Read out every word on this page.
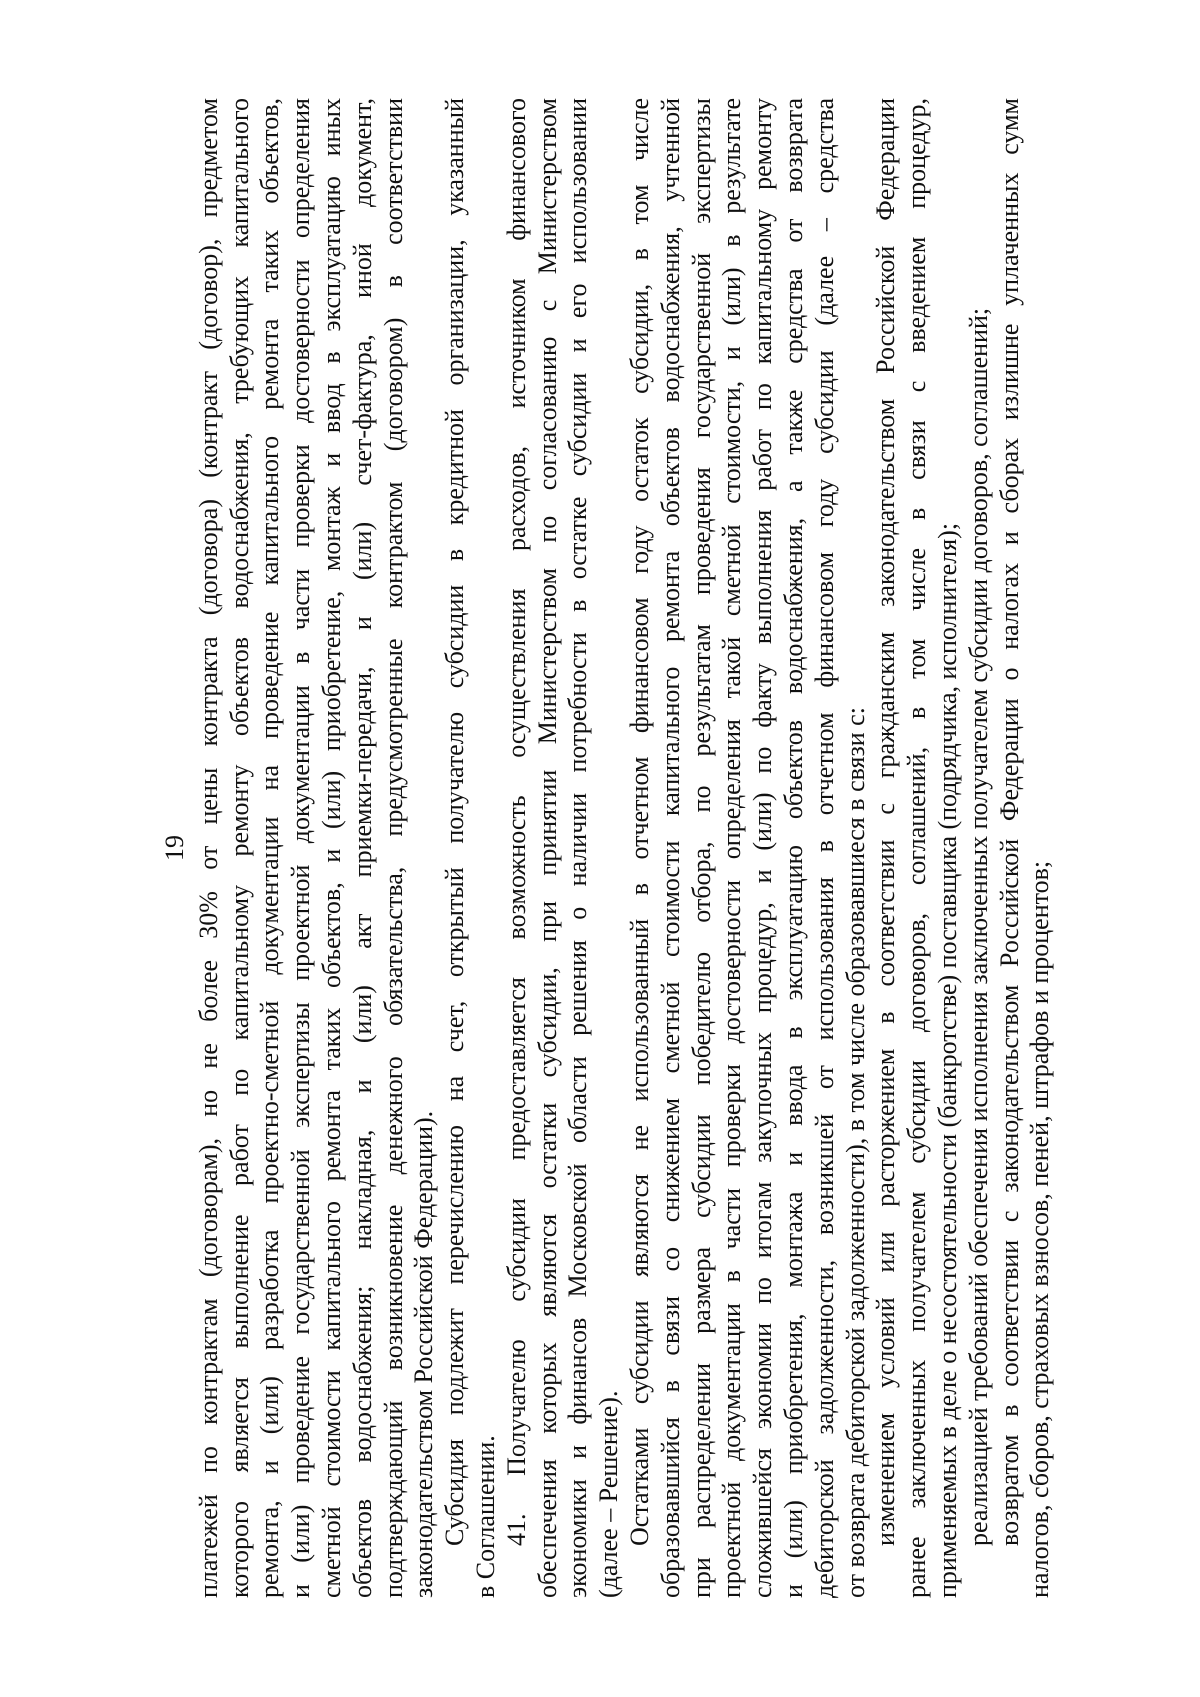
19 платежей по контрактам (договорам), но не более 30% от цены контракта (договора) (контракт (договор), предметом которого является выполнение работ по капитальному ремонту объектов водоснабжения, требующих капитального ремонта, и (или) разработка проектно-сметной документации на проведение капитального ремонта таких объектов, и (или) проведение государственной экспертизы проектной документации в части проверки достоверности определения сметной стоимости капитального ремонта таких объектов, и (или) приобретение, монтаж и ввод в эксплуатацию иных объектов водоснабжения; накладная, и (или) акт приемки-передачи, и (или) счет-фактура, иной документ, подтверждающий возникновение денежного обязательства, предусмотренные контрактом (договором) в соответствии законодательством Российской Федерации). Субсидия подлежит перечислению на счет, открытый получателю субсидии в кредитной организации, указанный в Соглашении. 41. Получателю субсидии предоставляется возможность осуществления расходов, источником финансового обеспечения которых являются остатки субсидии, при принятии Министерством по согласованию с Министерством экономики и финансов Московской области решения о наличии потребности в остатке субсидии и его использовании (далее – Решение). Остатками субсидии являются не использованный в отчетном финансовом году остаток субсидии, в том числе образовавшийся в связи со снижением сметной стоимости капитального ремонта объектов водоснабжения, учтенной при распределении размера субсидии победителю отбора, по результатам проведения государственной экспертизы проектной документации в части проверки достоверности определения такой сметной стоимости, и (или) в результате сложившейся экономии по итогам закупочных процедур, и (или) по факту выполнения работ по капитальному ремонту и (или) приобретения, монтажа и ввода в эксплуатацию объектов водоснабжения, а также средства от возврата дебиторской задолженности, возникшей от использования в отчетном финансовом году субсидии (далее – средства от возврата дебиторской задолженности), в том числе образовавшиеся в связи с: изменением условий или расторжением в соответствии с гражданским законодательством Российской Федерации ранее заключенных получателем субсидии договоров, соглашений, в том числе в связи с введением процедур, применяемых в деле о несостоятельности (банкротстве) поставщика (подрядчика, исполнителя); реализацией требований обеспечения исполнения заключенных получателем субсидии договоров, соглашений; возвратом в соответствии с законодательством Российской Федерации о налогах и сборах излишне уплаченных сумм налогов, сборов, страховых взносов, пеней, штрафов и процентов;
